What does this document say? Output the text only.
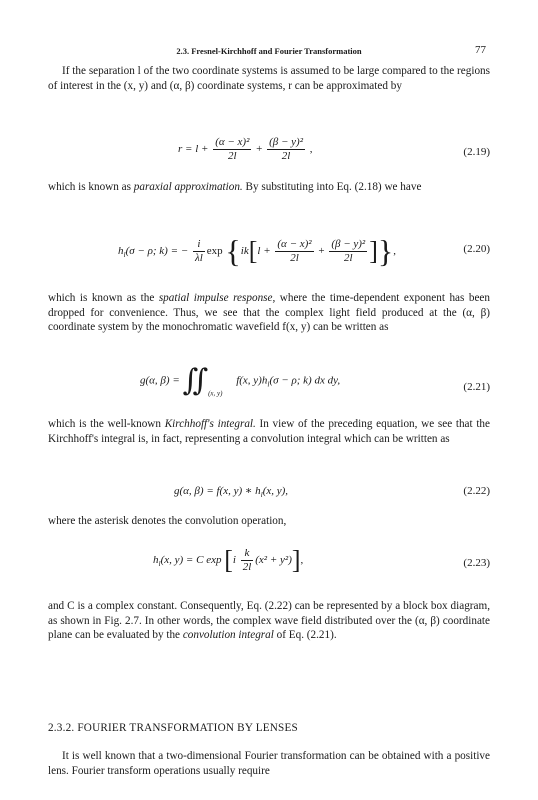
2.3. Fresnel-Kirchhoff and Fourier Transformation	77

If the separation l of the two coordinate systems is assumed to be large compared to the regions of interest in the (x, y) and (α, β) coordinate systems, r can be approximated by

$r = l + \frac{\text{(α − x)²}}{2l} + \frac{\text{(β − y)²}}{2l}$ ,	(2.19)

which is known as paraxial approximation. By substituting into Eq. (2.18) we have

$h_l(\sigma - \rho$; k) = − $\frac{i}{\lambda l}$ $\exp \{ik[l + \frac{\text{(α − x)²}}{2l} + \frac{\text{(β − y)²}}{2l}$ ]},	(2.20)

which is known as the spatial impulse response, where the time-dependent exponent has been dropped for convenience. Thus, we see that the complex light field produced at the (α, β) coordinate system by the monochromatic wavefield f(x, y) can be written as

g(α, $\beta) = ∬_{(x, y)}$     f(x, $y)h_l(\sigma - \rho$; k) dx dy,
(2.21)

which is the well-known Kirchhoff's integral. In view of the preceding equation, we see that the Kirchhoff's integral is, in fact, representing a convolution integral which can be written as

g(α, β) = f(x, y) ∗ $h_l(x$, y),	(2.22)

where the asterisk denotes the convolution operation,

$h_l(x$, y) = C $\exp [i \frac{k}{2l} (x^2 + y^2)]$,	(2.23)

and C is a complex constant. Consequently, Eq. (2.22) can be represented by a block box diagram, as shown in Fig. 2.7. In other words, the complex wave field distributed over the (α, β) coordinate plane can be evaluated by the convolution integral of Eq. (2.21).

2.3.2. FOURIER TRANSFORMATION BY LENSES

It is well known that a two-dimensional Fourier transformation can be obtained with a positive lens. Fourier transform operations usually require
